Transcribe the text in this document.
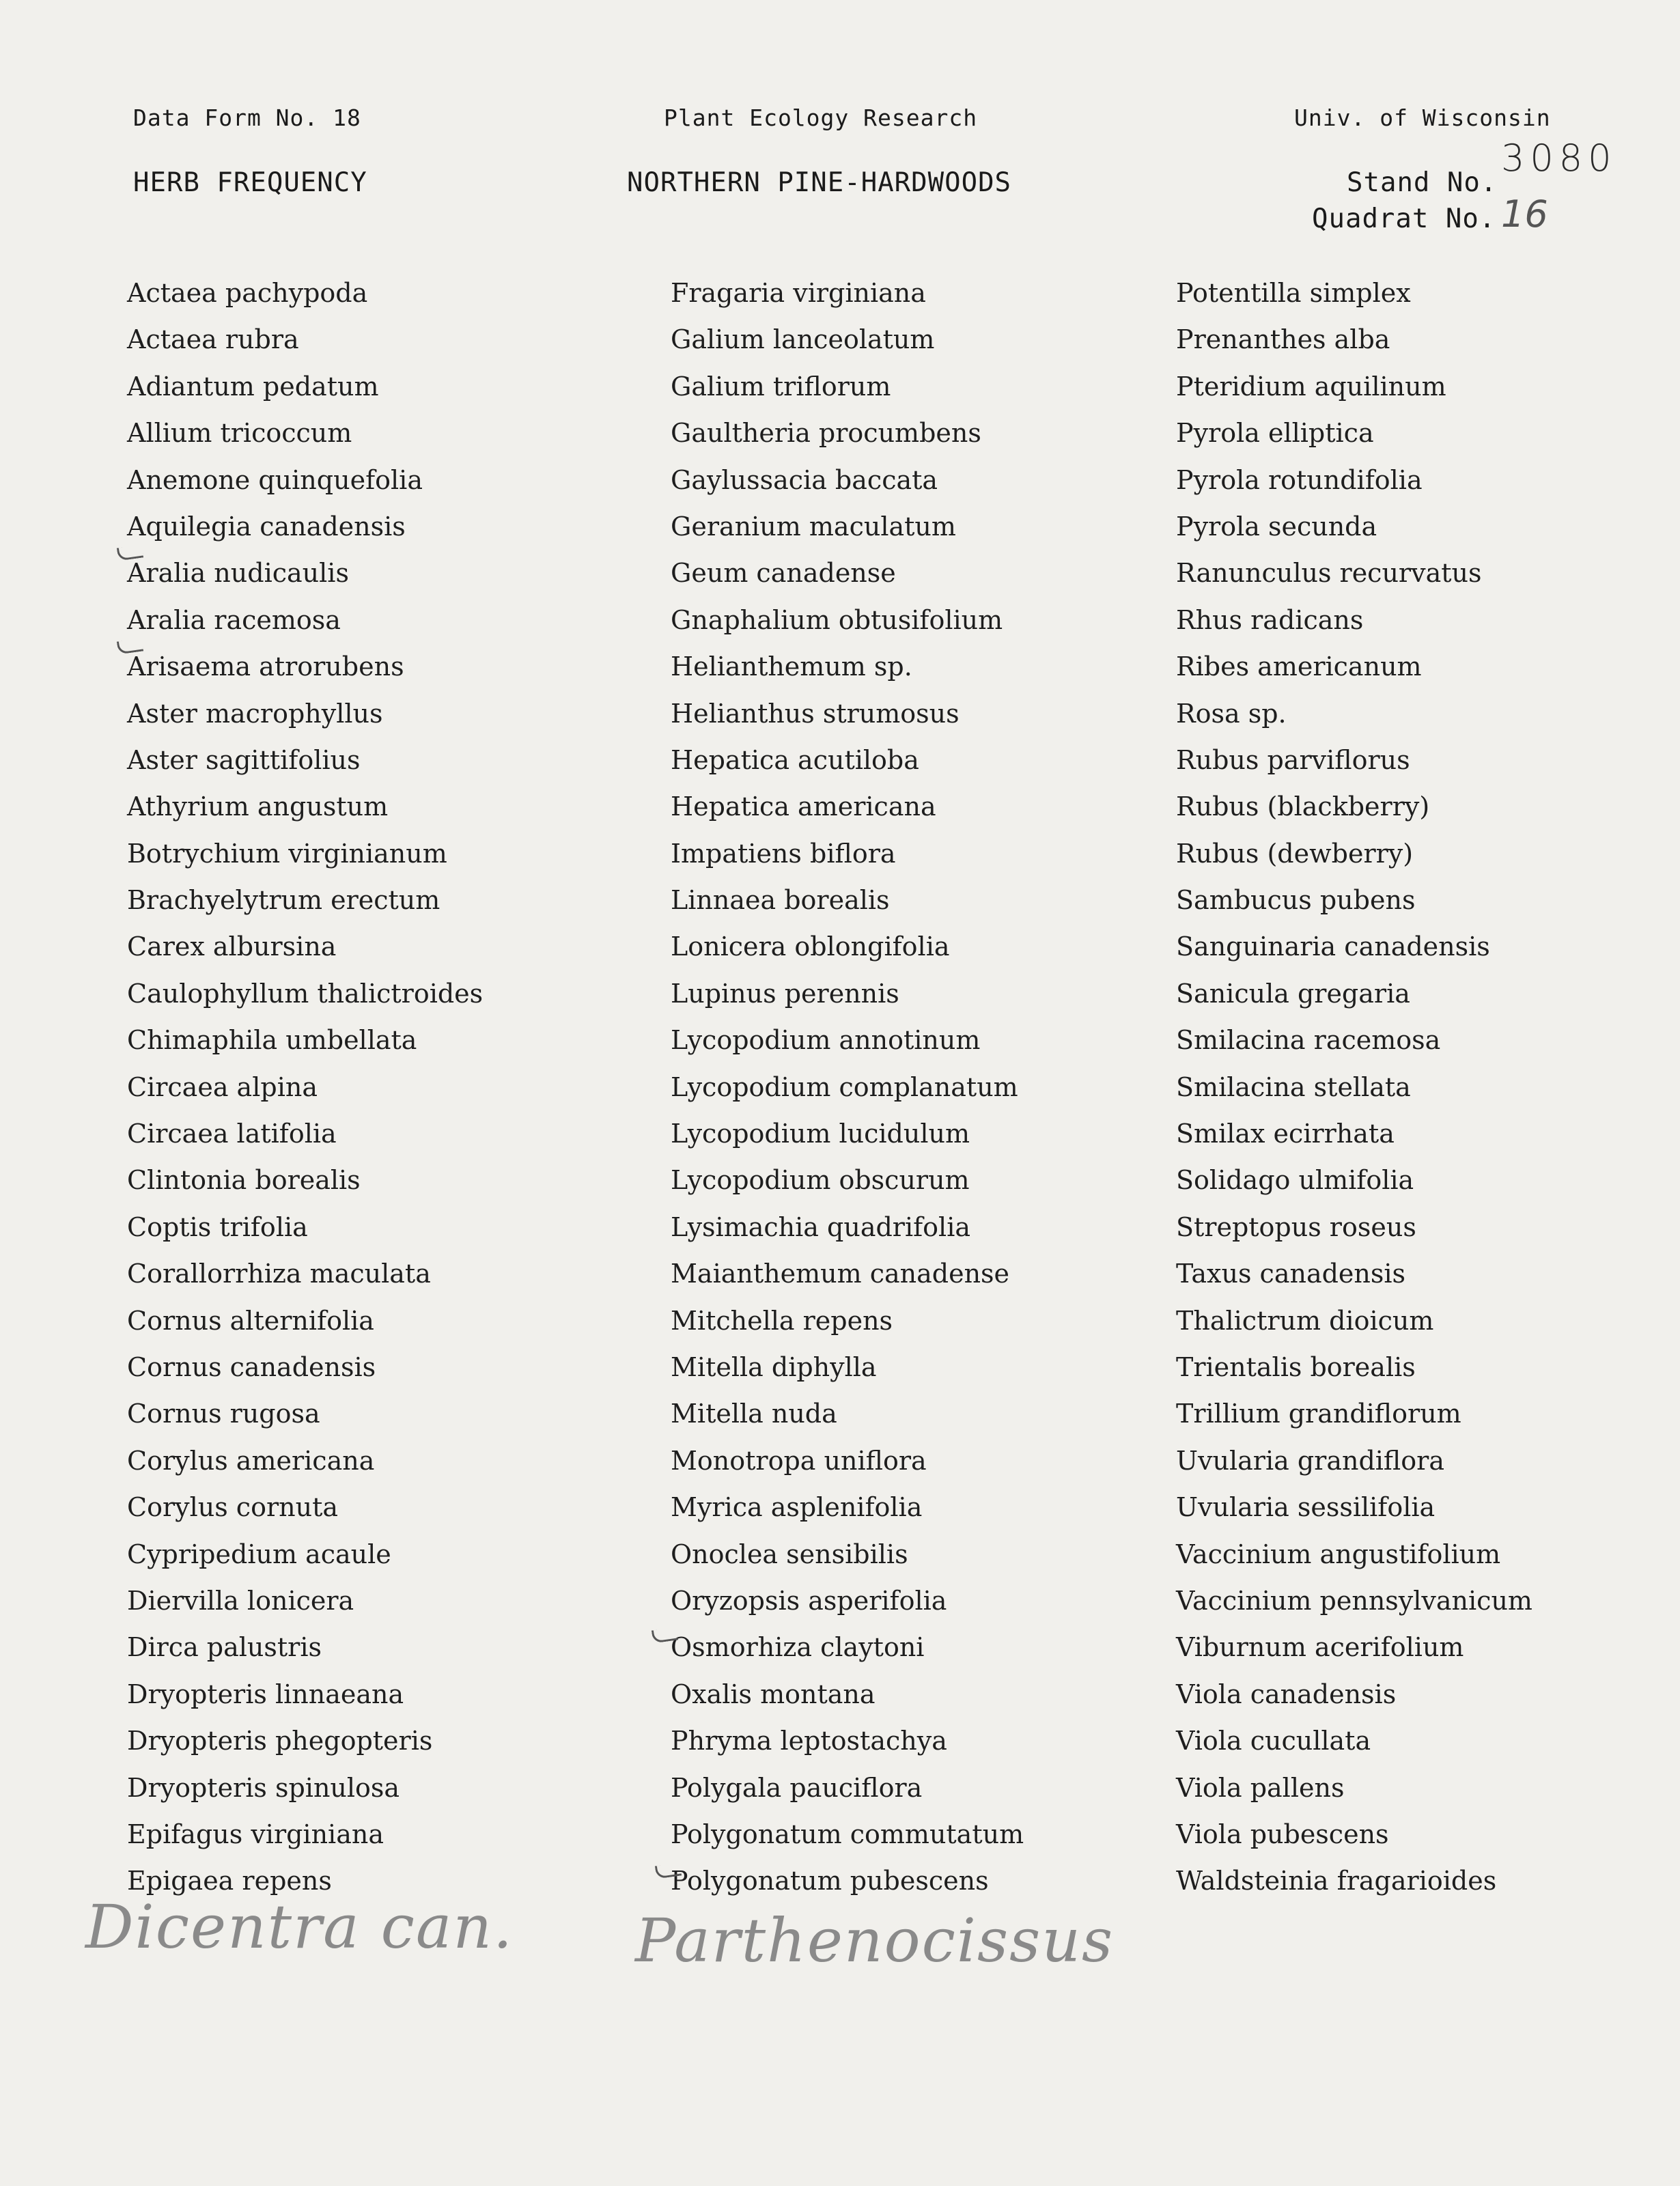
Data Form No. 18	Plant Ecology Research	Univ. of Wisconsin
HERB FREQUENCY	NORTHERN PINE-HARDWOODS	Stand No.
3080
Quadrat No. 16
Actaea pachypoda
Actaea rubra
Adiantum pedatum
Allium tricoccum
Anemone quinquefolia
Aquilegia canadensis
Aralia nudicaulis
Aralia racemosa
Arisaema atrorubens
Aster macrophyllus
Aster sagittifolius
Athyrium angustum
Botrychium virginianum
Brachyelytrum erectum
Carex albursina
Caulophyllum thalictroides
Chimaphila umbellata
Circaea alpina
Circaea latifolia
Clintonia borealis
Coptis trifolia
Corallorrhiza maculata
Cornus alternifolia
Cornus canadensis
Cornus rugosa
Corylus americana
Corylus cornuta
Cypripedium acaule
Diervilla lonicera
Dirca palustris
Dryopteris linnaeana
Dryopteris phegopteris
Dryopteris spinulosa
Epifagus virginiana
Epigaea repens
Fragaria virginiana
Galium lanceolatum
Galium triflorum
Gaultheria procumbens
Gaylussacia baccata
Geranium maculatum
Geum canadense
Gnaphalium obtusifolium
Helianthemum sp.
Helianthus strumosus
Hepatica acutiloba
Hepatica americana
Impatiens biflora
Linnaea borealis
Lonicera oblongifolia
Lupinus perennis
Lycopodium annotinum
Lycopodium complanatum
Lycopodium lucidulum
Lycopodium obscurum
Lysimachia quadrifolia
Maianthemum canadense
Mitchella repens
Mitella diphylla
Mitella nuda
Monotropa uniflora
Myrica asplenifolia
Onoclea sensibilis
Oryzopsis asperifolia
Osmorhiza claytoni
Oxalis montana
Phryma leptostachya
Polygala pauciflora
Polygonatum commutatum
Polygonatum pubescens
Potentilla simplex
Prenanthes alba
Pteridium aquilinum
Pyrola elliptica
Pyrola rotundifolia
Pyrola secunda
Ranunculus recurvatus
Rhus radicans
Ribes americanum
Rosa sp.
Rubus parviflorus
Rubus (blackberry)
Rubus (dewberry)
Sambucus pubens
Sanguinaria canadensis
Sanicula gregaria
Smilacina racemosa
Smilacina stellata
Smilax ecirrhata
Solidago ulmifolia
Streptopus roseus
Taxus canadensis
Thalictrum dioicum
Trientalis borealis
Trillium grandiflorum
Uvularia grandiflora
Uvularia sessilifolia
Vaccinium angustifolium
Vaccinium pennsylvanicum
Viburnum acerifolium
Viola canadensis
Viola cucullata
Viola pallens
Viola pubescens
Waldsteinia fragarioides
Dicentra can. Parthenocissus
